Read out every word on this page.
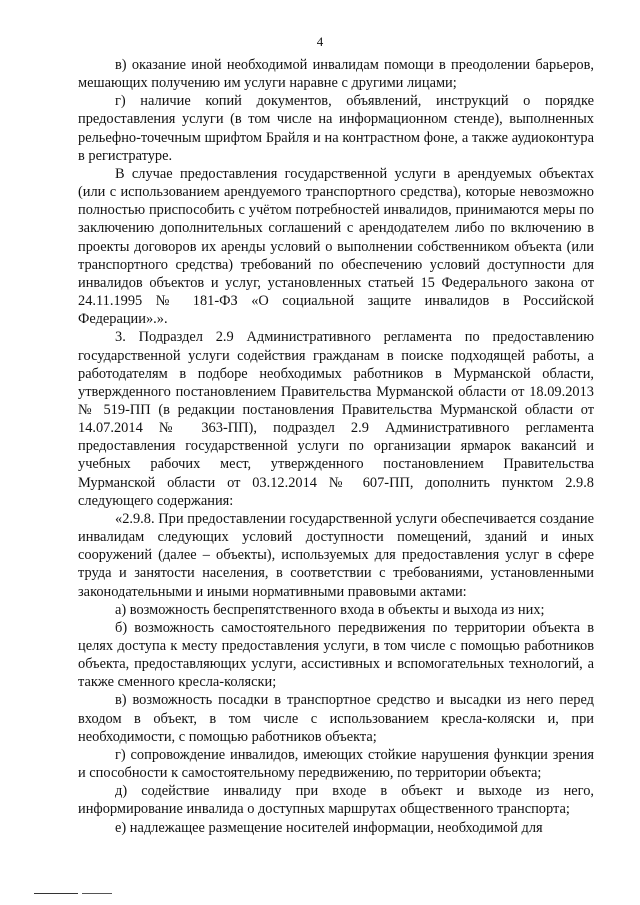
4

в) оказание иной необходимой инвалидам помощи в преодолении барьеров, мешающих получению им услуги наравне с другими лицами;

г) наличие копий документов, объявлений, инструкций о порядке предоставления услуги (в том числе на информационном стенде), выполненных рельефно-точечным шрифтом Брайля и на контрастном фоне, а также аудиоконтура в регистратуре.

В случае предоставления государственной услуги в арендуемых объектах (или с использованием арендуемого транспортного средства), которые невозможно полностью приспособить с учётом потребностей инвалидов, принимаются меры по заключению дополнительных соглашений с арендодателем либо по включению в проекты договоров их аренды условий о выполнении собственником объекта (или транспортного средства) требований по обеспечению условий доступности для инвалидов объектов и услуг, установленных статьей 15 Федерального закона от 24.11.1995 № 181-ФЗ «О социальной защите инвалидов в Российской Федерации».».

3. Подраздел 2.9 Административного регламента по предоставлению государственной услуги содействия гражданам в поиске подходящей работы, а работодателям в подборе необходимых работников в Мурманской области, утвержденного постановлением Правительства Мурманской области от 18.09.2013 № 519-ПП (в редакции постановления Правительства Мурманской области от 14.07.2014 № 363-ПП), подраздел 2.9 Административного регламента предоставления государственной услуги по организации ярмарок вакансий и учебных рабочих мест, утвержденного постановлением Правительства Мурманской области от 03.12.2014 № 607-ПП, дополнить пунктом 2.9.8 следующего содержания:

«2.9.8. При предоставлении государственной услуги обеспечивается создание инвалидам следующих условий доступности помещений, зданий и иных сооружений (далее – объекты), используемых для предоставления услуг в сфере труда и занятости населения, в соответствии с требованиями, установленными законодательными и иными нормативными правовыми актами:

а) возможность беспрепятственного входа в объекты и выхода из них;

б) возможность самостоятельного передвижения по территории объекта в целях доступа к месту предоставления услуги, в том числе с помощью работников объекта, предоставляющих услуги, ассистивных и вспомогательных технологий, а также сменного кресла-коляски;

в) возможность посадки в транспортное средство и высадки из него перед входом в объект, в том числе с использованием кресла-коляски и, при необходимости, с помощью работников объекта;

г) сопровождение инвалидов, имеющих стойкие нарушения функции зрения и способности к самостоятельному передвижению, по территории объекта;

д) содействие инвалиду при входе в объект и выходе из него, информирование инвалида о доступных маршрутах общественного транспорта;

е) надлежащее размещение носителей информации, необходимой для
